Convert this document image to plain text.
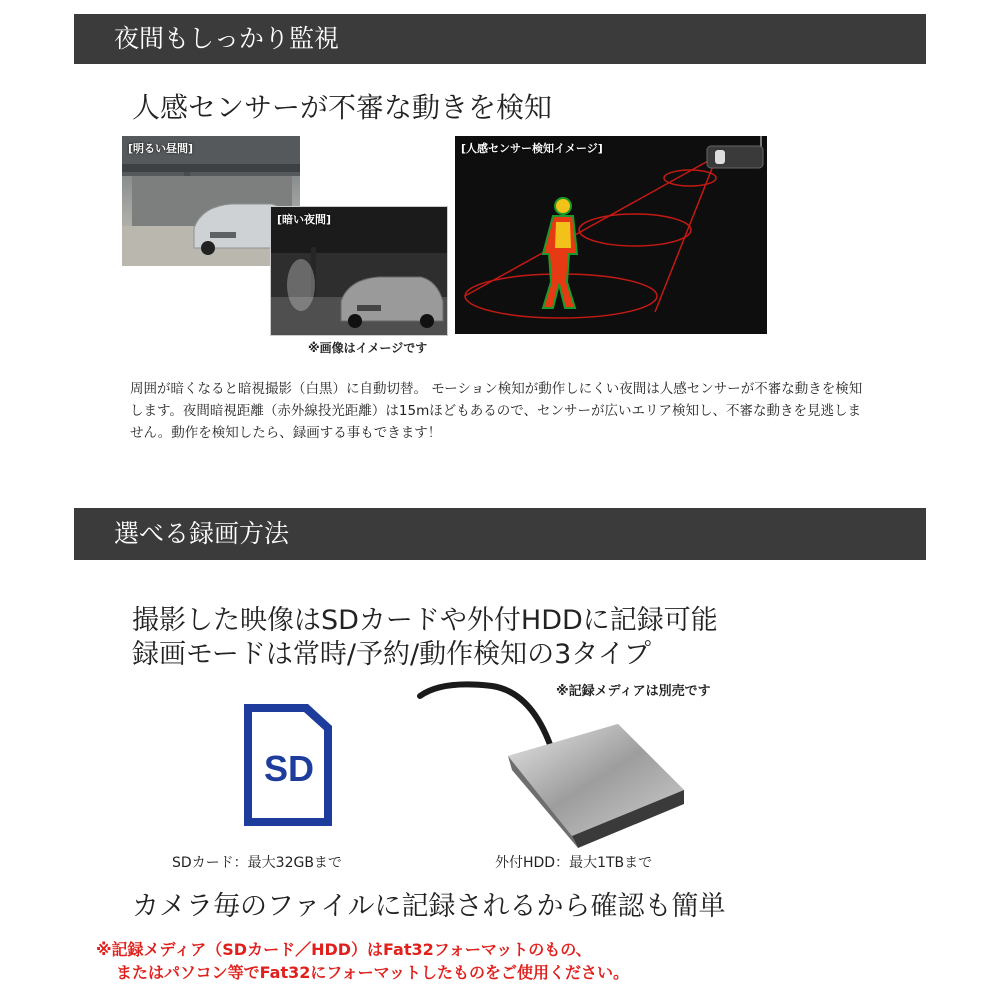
夜間もしっかり監視
人感センサーが不審な動きを検知
[明るい昼間]
[暗い夜間]
[人感センサー検知イメージ]
※画像はイメージです
周囲が暗くなると暗視撮影（白黒）に自動切替。 モーション検知が動作しにくい夜間は人感センサーが不審な動きを検知します。夜間暗視距離（赤外線投光距離）は15mほどもあるので、センサーが広いエリア検知し、不審な動きを見逃しません。動作を検知したら、録画する事もできます！
選べる録画方法
撮影した映像はSDカードや外付HDDに記録可能
録画モードは常時/予約/動作検知の3タイプ
※記録メディアは別売です
SD
SDカード：最大32GBまで	外付HDD：最大1TBまで
カメラ毎のファイルに記録されるから確認も簡単
※記録メディア（SDカード／HDD）はFat32フォーマットのもの、
またはパソコン等でFat32にフォーマットしたものをご使用ください。
